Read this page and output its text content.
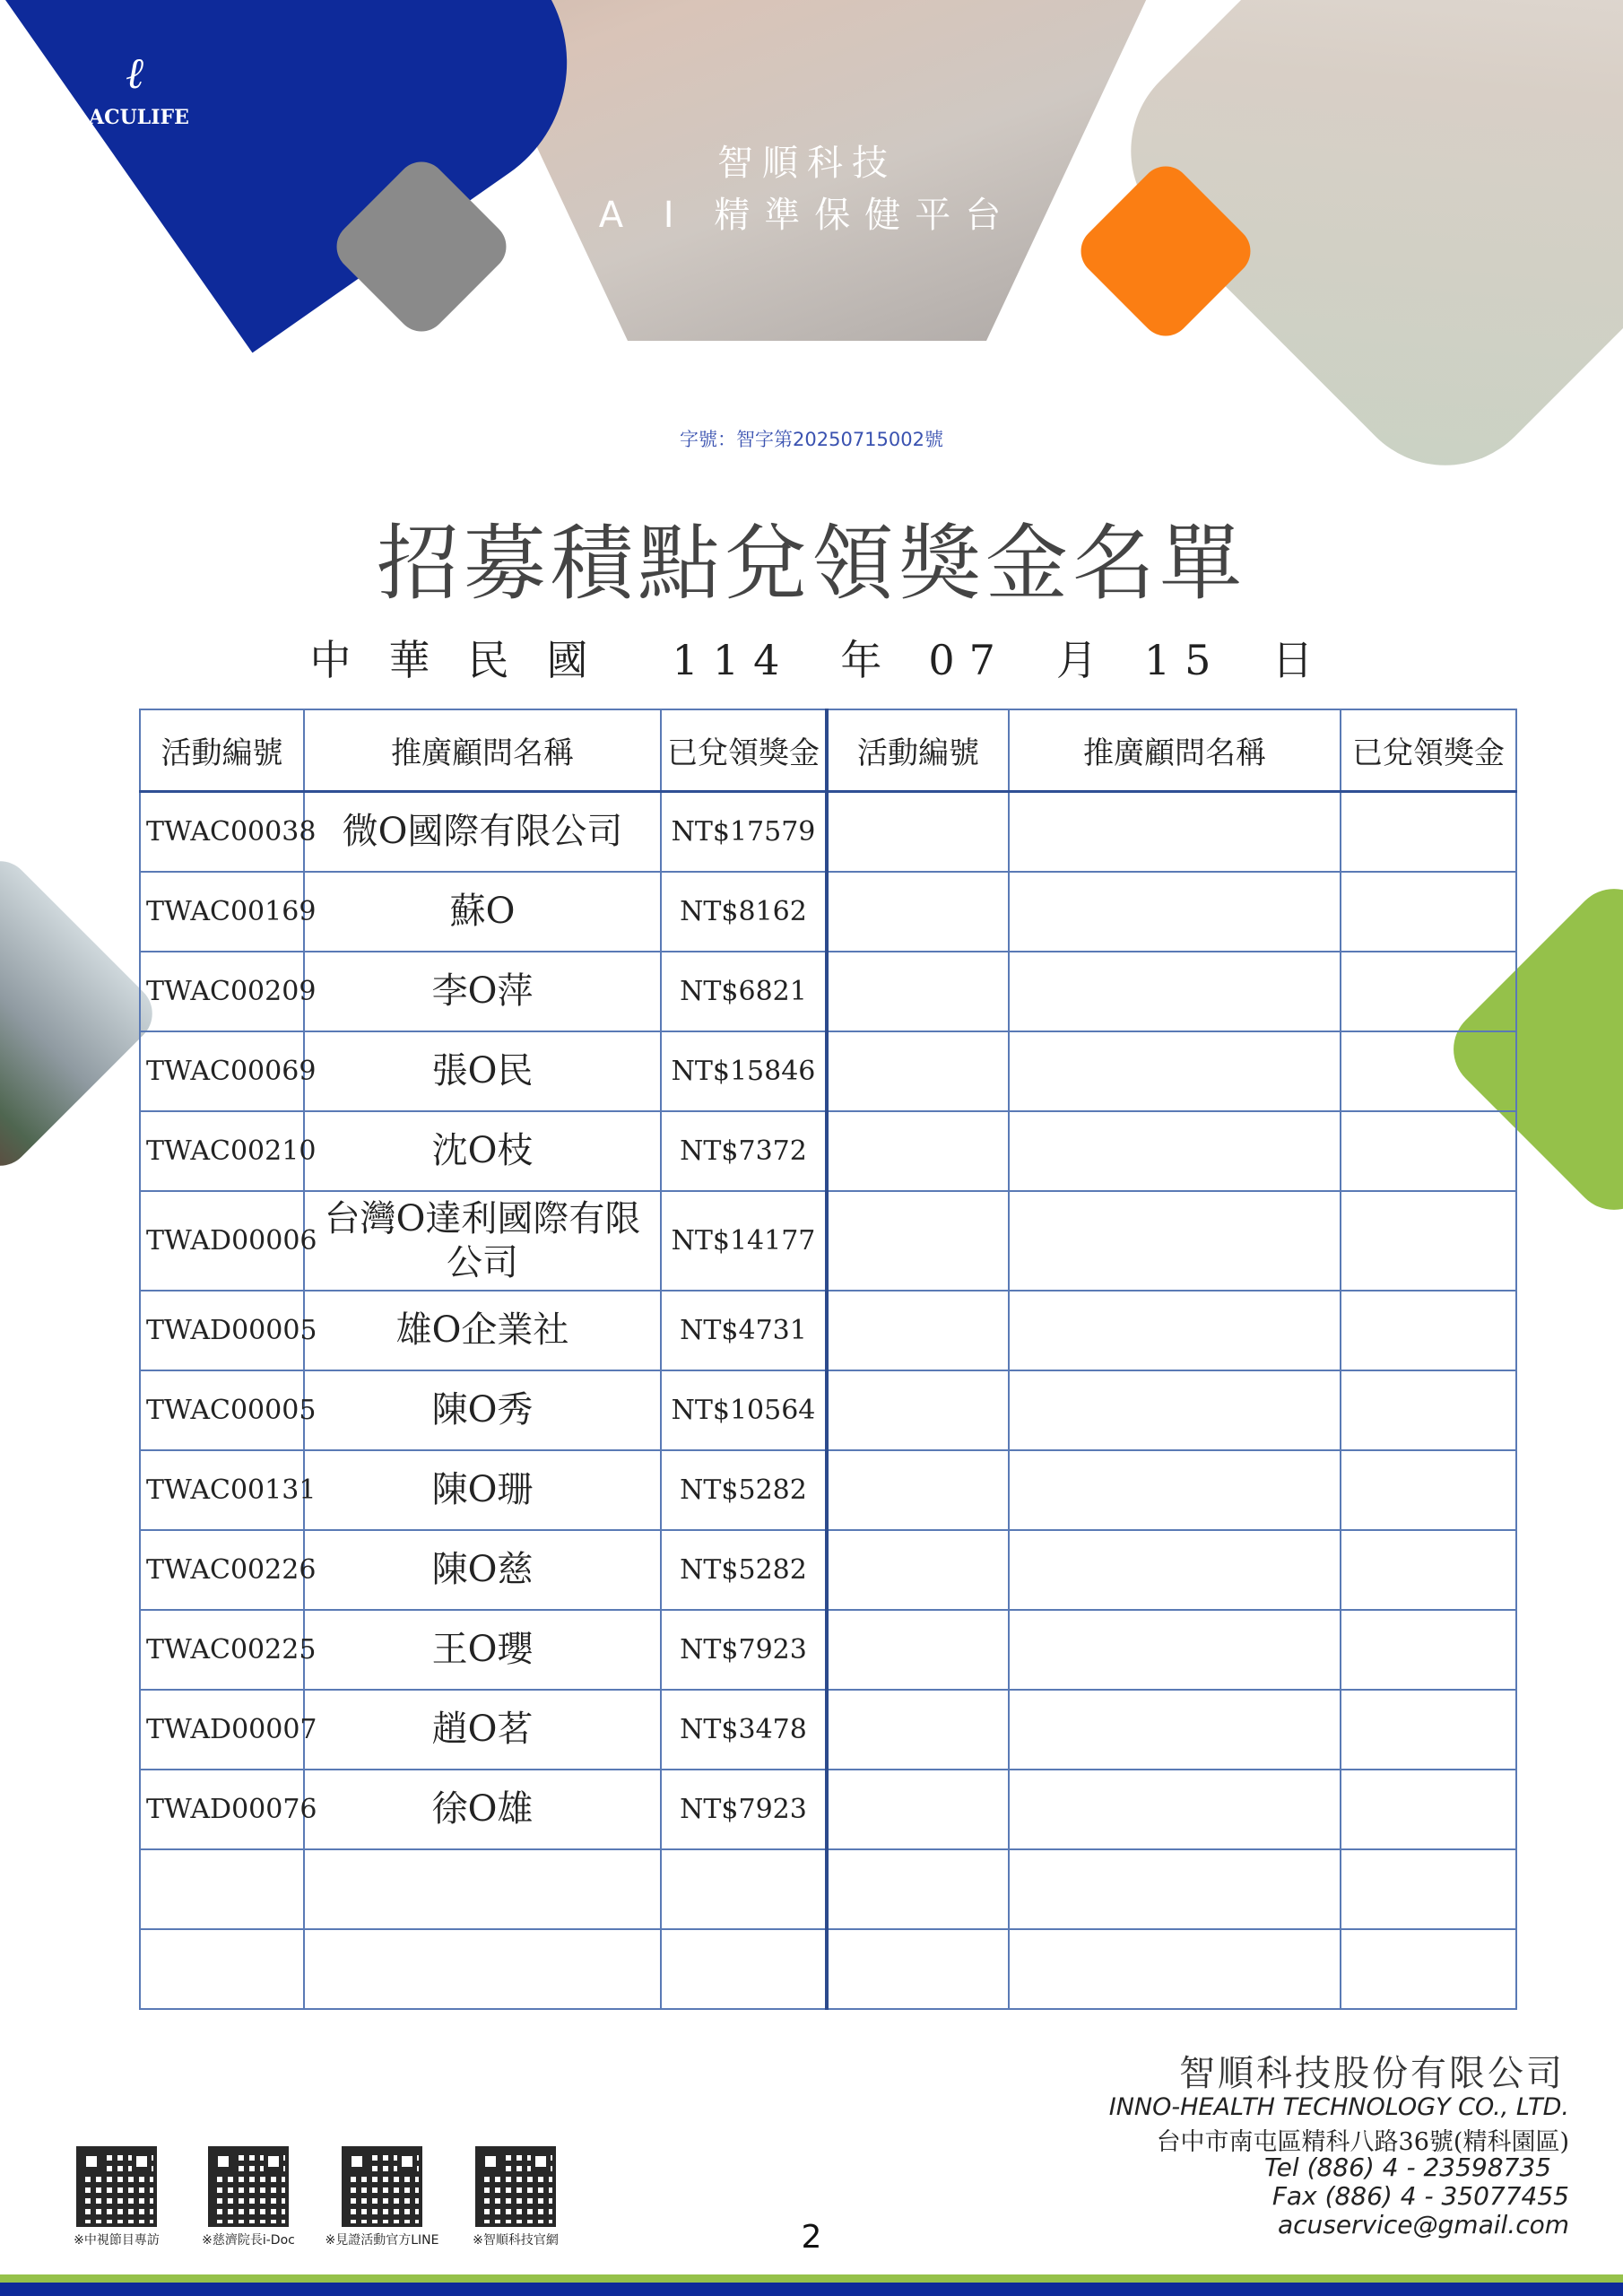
ℓ
ACULIFE
智順科技
A I 精準保健平台
字號：智字第20250715002號
招募積點兌領獎金名單
中華民國 114 年 07 月 15 日
活動編號	推廣顧問名稱	已兌領獎金	活動編號	推廣顧問名稱	已兌領獎金
TWAC00038	微O國際有限公司	NT$17579			
TWAC00169	蘇O	NT$8162			
TWAC00209	李O萍	NT$6821			
TWAC00069	張O民	NT$15846			
TWAC00210	沈O枝	NT$7372			
TWAD00006	台灣O達利國際有限公司	NT$14177			
TWAD00005	雄O企業社	NT$4731			
TWAC00005	陳O秀	NT$10564			
TWAC00131	陳O珊	NT$5282			
TWAC00226	陳O慈	NT$5282			
TWAC00225	王O瓔	NT$7923			
TWAD00007	趙O茗	NT$3478			
TWAD00076	徐O雄	NT$7923			

※中視節目專訪	※慈濟院長i-Doc	※見證活動官方LINE	※智順科技官網	2
智順科技股份有限公司
INNO-HEALTH TECHNOLOGY CO., LTD.
台中市南屯區精科八路36號(精科園區)
Tel (886) 4 - 23598735
Fax (886) 4 - 35077455
acuservice@gmail.com
